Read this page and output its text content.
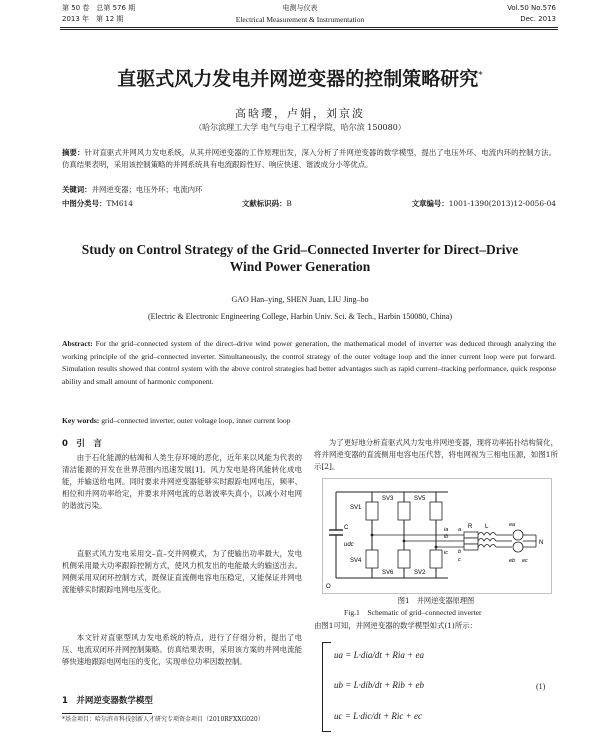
第 50 卷　总第 576 期
2013 年　第 12 期
电测与仪表
Electrical Measurement & Instrumentation
Vol.50 No.576
Dec. 2013
直驱式风力发电并网逆变器的控制策略研究*
高晗璎，卢娟，刘京波
（哈尔滨理工大学 电气与电子工程学院，哈尔滨 150080）
摘要：针对直驱式并网风力发电系统，从其并网逆变器的工作原理出发，深入分析了并网逆变器的数学模型，提出了电压外环、电流内环的控制方法。仿真结果表明，采用该控制策略的并网系统具有电流跟踪性好、响应快速、谐波成分小等优点。
关键词：并网逆变器；电压外环；电流内环
中图分类号：TM614	文献标识码：B	文章编号：1001-1390(2013)12-0056-04
Study on Control Strategy of the Grid–Connected Inverter for Direct–Drive Wind Power Generation
GAO Han–ying, SHEN Juan, LIU Jing–bo
(Electric & Electronic Engineering College, Harbin Univ. Sci. & Tech., Harbin 150080, China)
Abstract: For the grid–connected system of the direct–drive wind power generation, the mathematical model of inverter was deduced through analyzing the working principle of the grid–connected inverter. Simultaneously, the control strategy of the outer voltage loop and the inner current loop were put forward. Simulation results showed that control system with the above control strategies had better advantages such as rapid current–tracking performance, quick response ability and small amount of harmonic component.
Key words: grid–connected inverter, outer voltage loop, inner current loop
0　引　言
由于石化能源的枯竭和人类生存环境的恶化，近年来以风能为代表的清洁能源的开发在世界范围内迅速发展[1]。风力发电是将风能转化成电能，并输送给电网。同时要求并网逆变器能够实时跟踪电网电压，频率、相位和并网功率给定，并要求并网电流的总谐波率失真小，以减小对电网的谐波污染。
直驱式风力发电采用交–直–交并网模式，为了使输出功率最大，发电机侧采用最大功率跟踪控制方式，使风力机发出的电能最大的输送出去。网侧采用双闭环控制方式，既保证直流侧电容电压稳定，又能保证并网电流能够实时跟踪电网电压变化。
本文针对直驱型风力发电系统的特点，进行了仔细分析，提出了电压、电流双闭环并网控制策略。仿真结果表明，采用该方案的并网电流能够快速地跟踪电网电压的变化，实现单位功率因数控制。
1　并网逆变器数学模型
*基金项目：哈尔滨市科技创新人才研究专项资金项目（2010RFXXG020）
为了更好地分析直驱式风力发电并网逆变器，现将功率拓扑结构简化，将并网逆变器的直流侧用电容电压代替，将电网视为三相电压源，如图1所示[2]。
C
udc
O
SV1
SV3	SV5
SV4
SV6	SV2
N
a
b
c
R L
ia
ib
ic
ea
eb ec
图1　并网逆变器原理图
Fig.1　Schematic of grid–connected inverter
由图1可知，并网逆变器的数学模型如式(1)所示：
ua = L·dia/dt + Ria + ea
ub = L·dib/dt + Rib + eb
uc = L·dic/dt + Ric + ec
(1)
